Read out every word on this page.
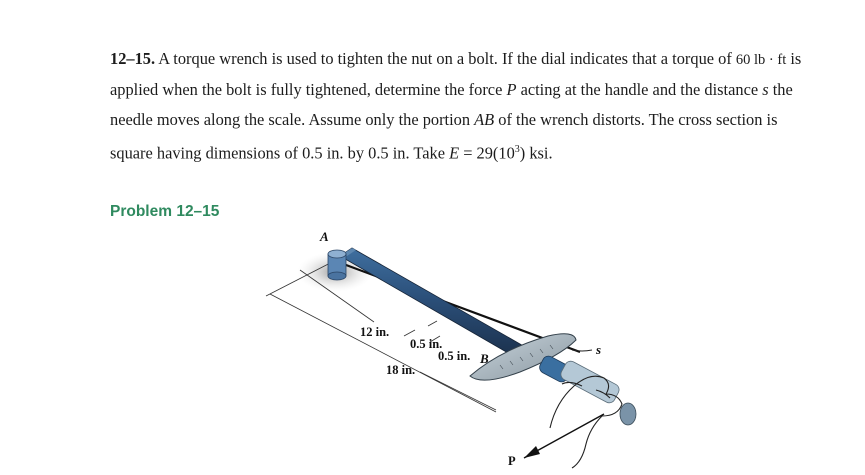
12–15. A torque wrench is used to tighten the nut on a bolt. If the dial indicates that a torque of 60 lb · ft is applied when the bolt is fully tightened, determine the force P acting at the handle and the distance s the needle moves along the scale. Assume only the portion AB of the wrench distorts. The cross section is square having dimensions of 0.5 in. by 0.5 in. Take $E = 29(10^3)$ ksi.

Problem 12–15
A
12 in.
0.5 in.
0.5 in. B
18 in.
s
P
